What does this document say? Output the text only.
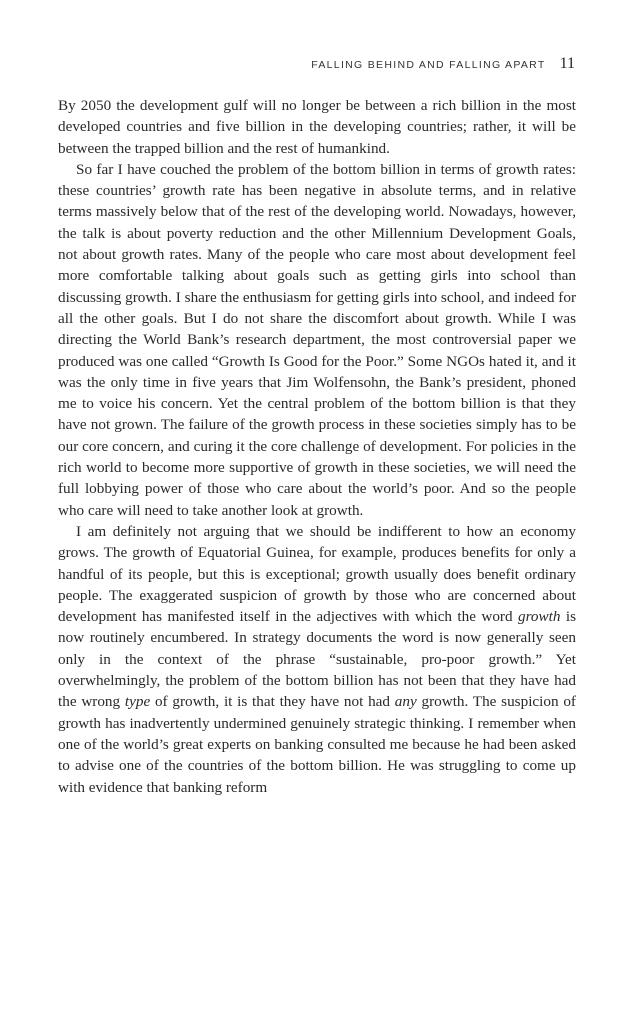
FALLING BEHIND AND FALLING APART 11

By 2050 the development gulf will no longer be between a rich billion in the most developed countries and five billion in the developing countries; rather, it will be between the trapped billion and the rest of humankind.

So far I have couched the problem of the bottom billion in terms of growth rates: these countries’ growth rate has been negative in absolute terms, and in relative terms massively below that of the rest of the developing world. Nowadays, however, the talk is about poverty reduction and the other Millennium Development Goals, not about growth rates. Many of the people who care most about development feel more comfortable talking about goals such as getting girls into school than discussing growth. I share the enthusiasm for getting girls into school, and indeed for all the other goals. But I do not share the discomfort about growth. While I was directing the World Bank’s research department, the most controversial paper we produced was one called “Growth Is Good for the Poor.” Some NGOs hated it, and it was the only time in five years that Jim Wolfensohn, the Bank’s president, phoned me to voice his concern. Yet the central problem of the bottom billion is that they have not grown. The failure of the growth process in these societies simply has to be our core concern, and curing it the core challenge of development. For policies in the rich world to become more supportive of growth in these societies, we will need the full lobbying power of those who care about the world’s poor. And so the people who care will need to take another look at growth.

I am definitely not arguing that we should be indifferent to how an economy grows. The growth of Equatorial Guinea, for example, produces benefits for only a handful of its people, but this is exceptional; growth usually does benefit ordinary people. The exaggerated suspicion of growth by those who are concerned about development has manifested itself in the adjectives with which the word growth is now routinely encumbered. In strategy documents the word is now generally seen only in the context of the phrase “sustainable, pro-poor growth.” Yet overwhelmingly, the problem of the bottom billion has not been that they have had the wrong type of growth, it is that they have not had any growth. The suspicion of growth has inadvertently undermined genuinely strategic thinking. I remember when one of the world’s great experts on banking consulted me because he had been asked to advise one of the countries of the bottom billion. He was struggling to come up with evidence that banking reform
